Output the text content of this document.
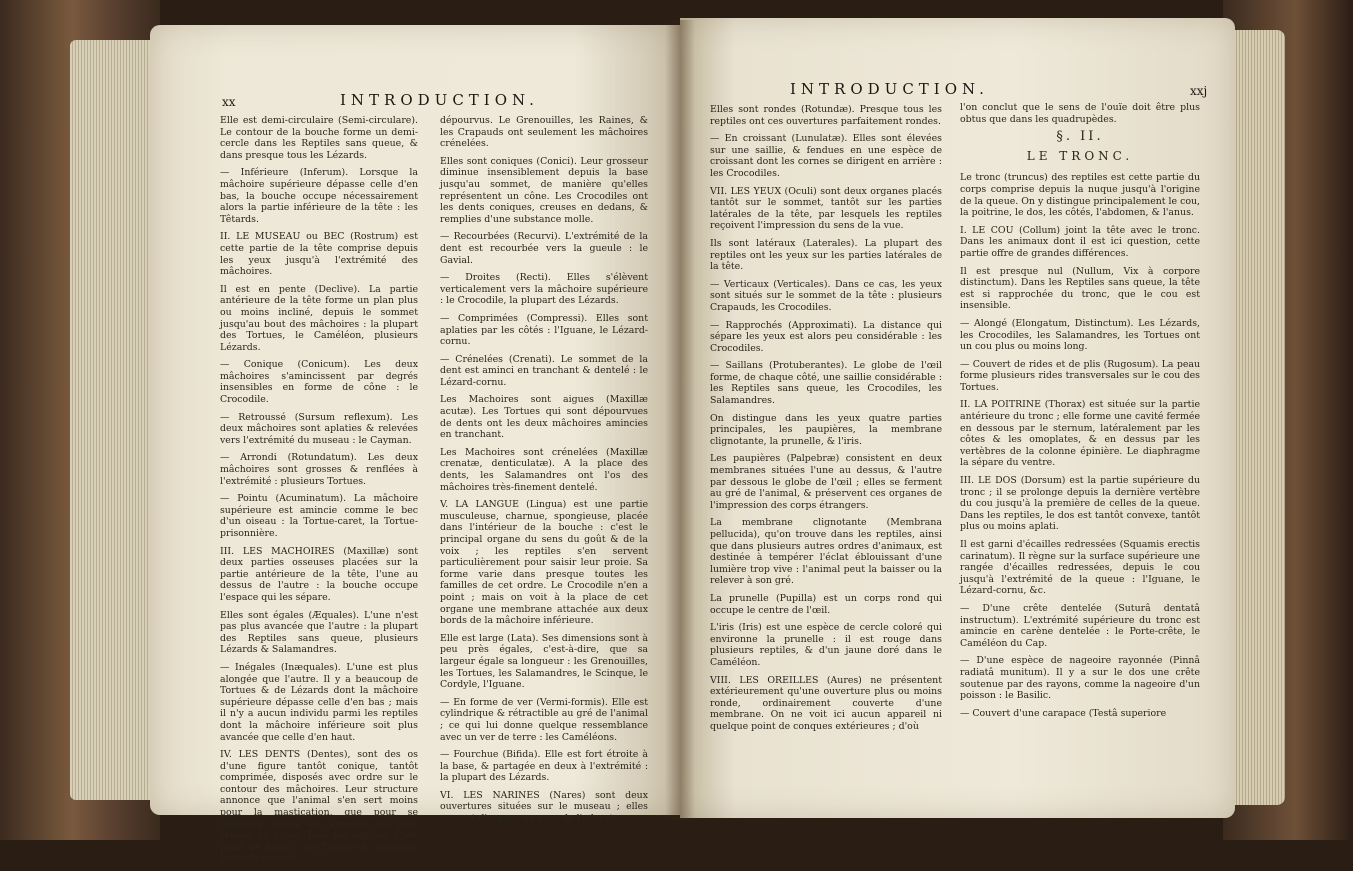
xx	INTRODUCTION.

Elle est demi-circulaire (Semi-circulare). Le contour de la bouche forme un demi-cercle dans les Reptiles sans queue, & dans presque tous les Lézards.

— Inférieure (Inferum). Lorsque la mâchoire supérieure dépasse celle d'en bas, la bouche occupe nécessairement alors la partie inférieure de la tête : les Têtards.

II. LE MUSEAU ou BEC (Rostrum) est cette partie de la tête comprise depuis les yeux jusqu'à l'extrémité des mâchoires.

Il est en pente (Declive). La partie antérieure de la tête forme un plan plus ou moins incliné, depuis le sommet jusqu'au bout des mâchoires : la plupart des Tortues, le Caméléon, plusieurs Lézards.

— Conique (Conicum). Les deux mâchoires s'amincissent par degrés insensibles en forme de cône : le Crocodile.

— Retroussé (Sursum reflexum). Les deux mâchoires sont aplaties & relevées vers l'extrémité du museau : le Cayman.

— Arrondi (Rotundatum). Les deux mâchoires sont grosses & renflées à l'extrémité : plusieurs Tortues.

— Pointu (Acuminatum). La mâchoire supérieure est amincie comme le bec d'un oiseau : la Tortue-caret, la Tortue-prisonnière.

III. LES MACHOIRES (Maxillæ) sont deux parties osseuses placées sur la partie antérieure de la tête, l'une au dessus de l'autre : la bouche occupe l'espace qui les sépare.

Elles sont égales (Æquales). L'une n'est pas plus avancée que l'autre : la plupart des Reptiles sans queue, plusieurs Lézards & Salamandres.

— Inégales (Inæquales). L'une est plus alongée que l'autre. Il y a beaucoup de Tortues & de Lézards dont la mâchoire supérieure dépasse celle d'en bas ; mais il n'y a aucun individu parmi les reptiles dont la mâchoire inférieure soit plus avancée que celle d'en haut.

IV. LES DENTS (Dentes), sont des os d'une figure tantôt conique, tantôt comprimée, disposés avec ordre sur le contour des mâchoires. Leur structure annonce que l'animal s'en sert moins pour la mastication, que pour se défendre contre ses ennemis ou pour retenir sa proie. Tous les reptiles n'ont point de dents ; les Tortues & quelques Lézards en sont

dépourvus. Le Grenouilles, les Raines, & les Crapauds ont seulement les mâchoires crénelées.

Elles sont coniques (Conici). Leur grosseur diminue insensiblement depuis la base jusqu'au sommet, de manière qu'elles représentent un cône. Les Crocodiles ont les dents coniques, creuses en dedans, & remplies d'une substance molle.

— Recourbées (Recurvi). L'extrémité de la dent est recourbée vers la gueule : le Gavial.

— Droites (Recti). Elles s'élèvent verticalement vers la mâchoire supérieure : le Crocodile, la plupart des Lézards.

— Comprimées (Compressi). Elles sont aplaties par les côtés : l'Iguane, le Lézard-cornu.

— Crénelées (Crenati). Le sommet de la dent est aminci en tranchant & dentelé : le Lézard-cornu.

Les Machoires sont aigues (Maxillæ acutæ). Les Tortues qui sont dépourvues de dents ont les deux mâchoires amincies en tranchant.

Les Machoires sont crénelées (Maxillæ crenatæ, denticulatæ). A la place des dents, les Salamandres ont l'os des mâchoires très-finement dentelé.

V. LA LANGUE (Lingua) est une partie musculeuse, charnue, spongieuse, placée dans l'intérieur de la bouche : c'est le principal organe du sens du goût & de la voix ; les reptiles s'en servent particulièrement pour saisir leur proie. Sa forme varie dans presque toutes les familles de cet ordre. Le Crocodile n'en a point ; mais on voit à la place de cet organe une membrane attachée aux deux bords de la mâchoire inférieure.

Elle est large (Lata). Ses dimensions sont à peu près égales, c'est-à-dire, que sa largeur égale sa longueur : les Grenouilles, les Tortues, les Salamandres, le Scinque, le Cordyle, l'Iguane.

— En forme de ver (Vermi-formis). Elle est cylindrique & rétractible au gré de l'animal ; ce qui lui donne quelque ressemblance avec un ver de terre : les Caméléons.

— Fourchue (Bifida). Elle est fort étroite à la base, & partagée en deux à l'extrémité : la plupart des Lézards.

VI. LES NARINES (Nares) sont deux ouvertures situées sur le museau ; elles servent d'organe au sens de l'odorat.

INTRODUCTION.	xxj

Elles sont rondes (Rotundæ). Presque tous les reptiles ont ces ouvertures parfaitement rondes.

— En croissant (Lunulatæ). Elles sont élevées sur une saillie, & fendues en une espèce de croissant dont les cornes se dirigent en arrière : les Crocodiles.

VII. LES YEUX (Oculi) sont deux organes placés tantôt sur le sommet, tantôt sur les parties latérales de la tête, par lesquels les reptiles reçoivent l'impression du sens de la vue.

Ils sont latéraux (Laterales). La plupart des reptiles ont les yeux sur les parties latérales de la tête.

— Verticaux (Verticales). Dans ce cas, les yeux sont situés sur le sommet de la tête : plusieurs Crapauds, les Crocodiles.

— Rapprochés (Approximati). La distance qui sépare les yeux est alors peu considérable : les Crocodiles.

— Saillans (Protuberantes). Le globe de l'œil forme, de chaque côté, une saillie considérable : les Reptiles sans queue, les Crocodiles, les Salamandres.

On distingue dans les yeux quatre parties principales, les paupières, la membrane clignotante, la prunelle, & l'iris.

Les paupières (Palpebræ) consistent en deux membranes situées l'une au dessus, & l'autre par dessous le globe de l'œil ; elles se ferment au gré de l'animal, & préservent ces organes de l'impression des corps étrangers.

La membrane clignotante (Membrana pellucida), qu'on trouve dans les reptiles, ainsi que dans plusieurs autres ordres d'animaux, est destinée à tempérer l'éclat éblouissant d'une lumière trop vive : l'animal peut la baisser ou la relever à son gré.

La prunelle (Pupilla) est un corps rond qui occupe le centre de l'œil.

L'iris (Iris) est une espèce de cercle coloré qui environne la prunelle : il est rouge dans plusieurs reptiles, & d'un jaune doré dans le Caméléon.

VIII. LES OREILLES (Aures) ne présentent extérieurement qu'une ouverture plus ou moins ronde, ordinairement couverte d'une membrane. On ne voit ici aucun appareil ni quelque point de conques extérieures ; d'où

l'on conclut que le sens de l'ouïe doit être plus obtus que dans les quadrupèdes.

§. II.
LE TRONC.

Le tronc (truncus) des reptiles est cette partie du corps comprise depuis la nuque jusqu'à l'origine de la queue. On y distingue principalement le cou, la poitrine, le dos, les côtés, l'abdomen, & l'anus.

I. LE COU (Collum) joint la tête avec le tronc. Dans les animaux dont il est ici question, cette partie offre de grandes différences.

Il est presque nul (Nullum, Vix à corpore distinctum). Dans les Reptiles sans queue, la tête est si rapprochée du tronc, que le cou est insensible.

— Alongé (Elongatum, Distinctum). Les Lézards, les Crocodiles, les Salamandres, les Tortues ont un cou plus ou moins long.

— Couvert de rides et de plis (Rugosum). La peau forme plusieurs rides transversales sur le cou des Tortues.

II. LA POITRINE (Thorax) est située sur la partie antérieure du tronc ; elle forme une cavité fermée en dessous par le sternum, latéralement par les côtes & les omoplates, & en dessus par les vertèbres de la colonne épinière. Le diaphragme la sépare du ventre.

III. LE DOS (Dorsum) est la partie supérieure du tronc ; il se prolonge depuis la dernière vertèbre du cou jusqu'à la première de celles de la queue. Dans les reptiles, le dos est tantôt convexe, tantôt plus ou moins aplati.

Il est garni d'écailles redressées (Squamis erectis carinatum). Il règne sur la surface supérieure une rangée d'écailles redressées, depuis le cou jusqu'à l'extrémité de la queue : l'Iguane, le Lézard-cornu, &c.

— D'une crête dentelée (Suturâ dentatâ instructum). L'extrémité supérieure du tronc est amincie en carène dentelée : le Porte-crête, le Caméléon du Cap.

— D'une espèce de nageoire rayonnée (Pinnâ radiatâ munitum). Il y a sur le dos une crête soutenue par des rayons, comme la nageoire d'un poisson : le Basilic.

— Couvert d'une carapace (Testâ superiore
